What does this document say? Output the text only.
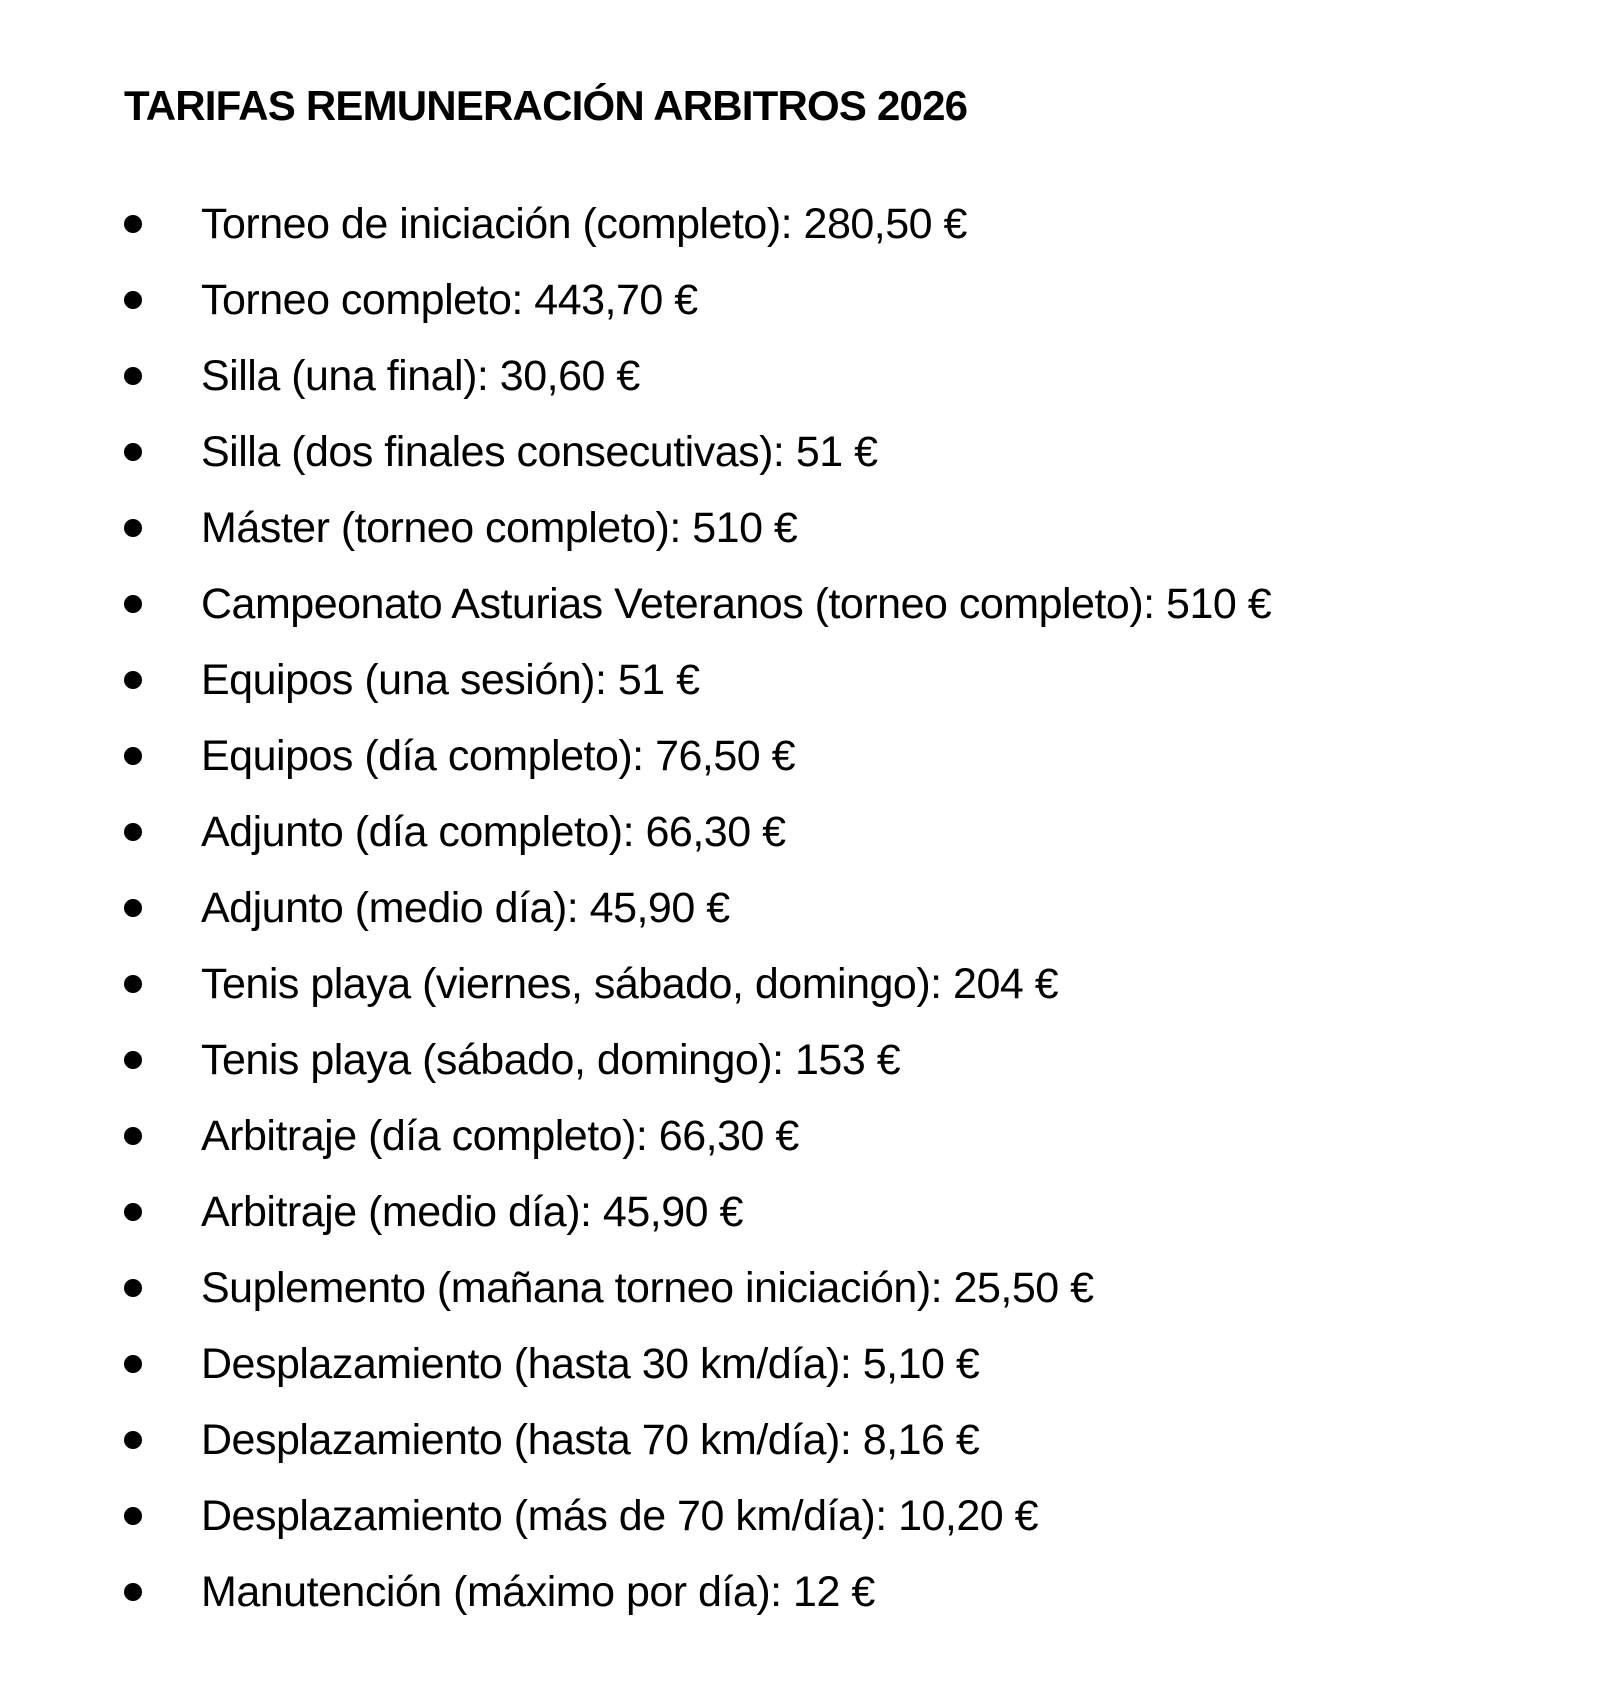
TARIFAS REMUNERACIÓN ARBITROS 2026
Torneo de iniciación (completo): 280,50 €
Torneo completo: 443,70 €
Silla (una final): 30,60 €
Silla (dos finales consecutivas): 51 €
Máster (torneo completo): 510 €
Campeonato Asturias Veteranos (torneo completo): 510 €
Equipos (una sesión): 51 €
Equipos (día completo): 76,50 €
Adjunto (día completo): 66,30 €
Adjunto (medio día): 45,90 €
Tenis playa (viernes, sábado, domingo): 204 €
Tenis playa (sábado, domingo): 153 €
Arbitraje (día completo): 66,30 €
Arbitraje (medio día): 45,90 €
Suplemento (mañana torneo iniciación): 25,50 €
Desplazamiento (hasta 30 km/día): 5,10 €
Desplazamiento (hasta 70 km/día): 8,16 €
Desplazamiento (más de 70 km/día): 10,20 €
Manutención (máximo por día): 12 €
